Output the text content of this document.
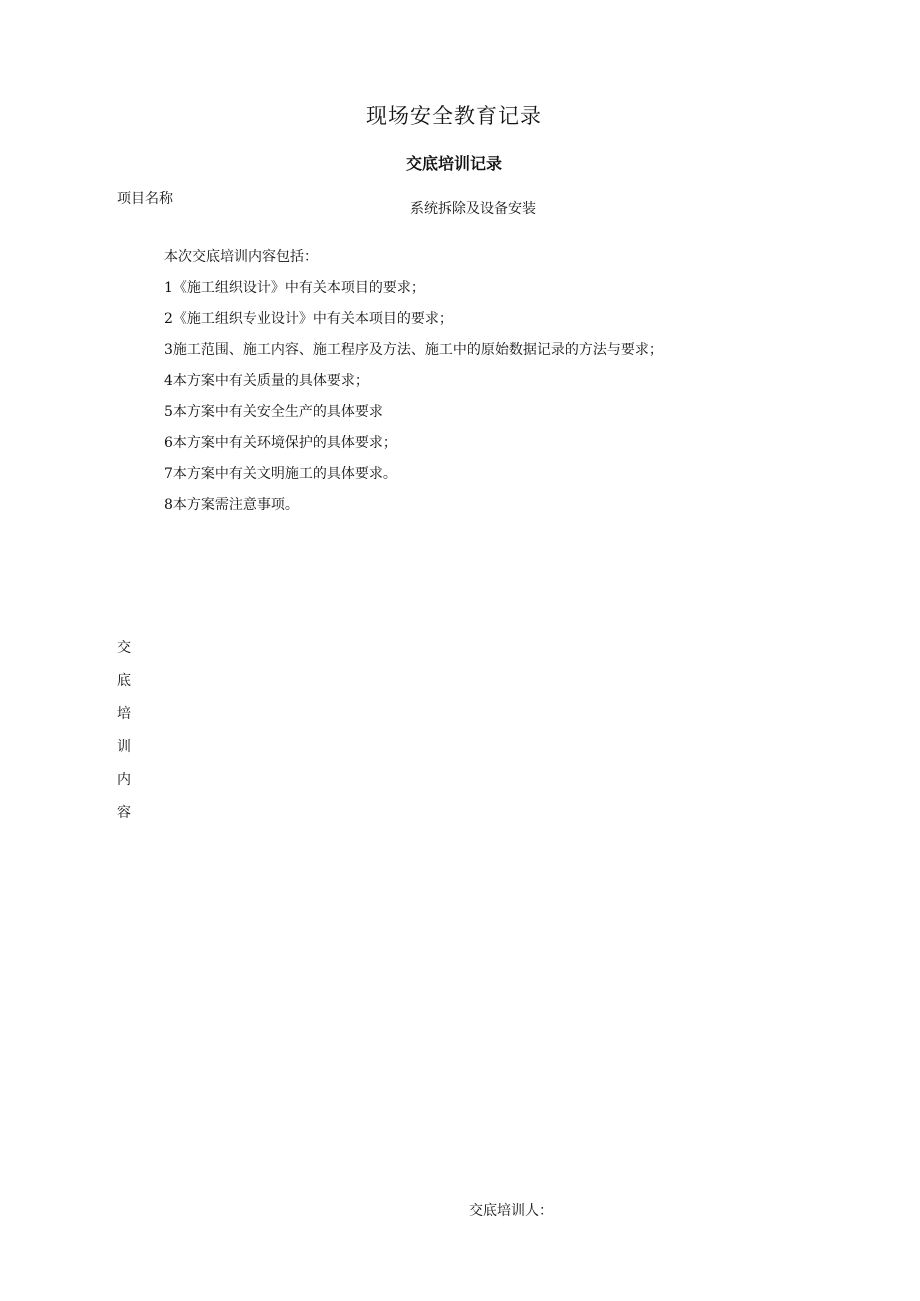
现场安全教育记录
交底培训记录
项目名称
系统拆除及设备安装
本次交底培训内容包括：
1《施工组织设计》中有关本项目的要求；
2《施工组织专业设计》中有关本项目的要求；
3施工范围、施工内容、施工程序及方法、施工中的原始数据记录的方法与要求；
4本方案中有关质量的具体要求；
5本方案中有关安全生产的具体要求
6本方案中有关环境保护的具体要求；
7本方案中有关文明施工的具体要求。
8本方案需注意事项。
交
底
培
训
内
容
交底培训人：
